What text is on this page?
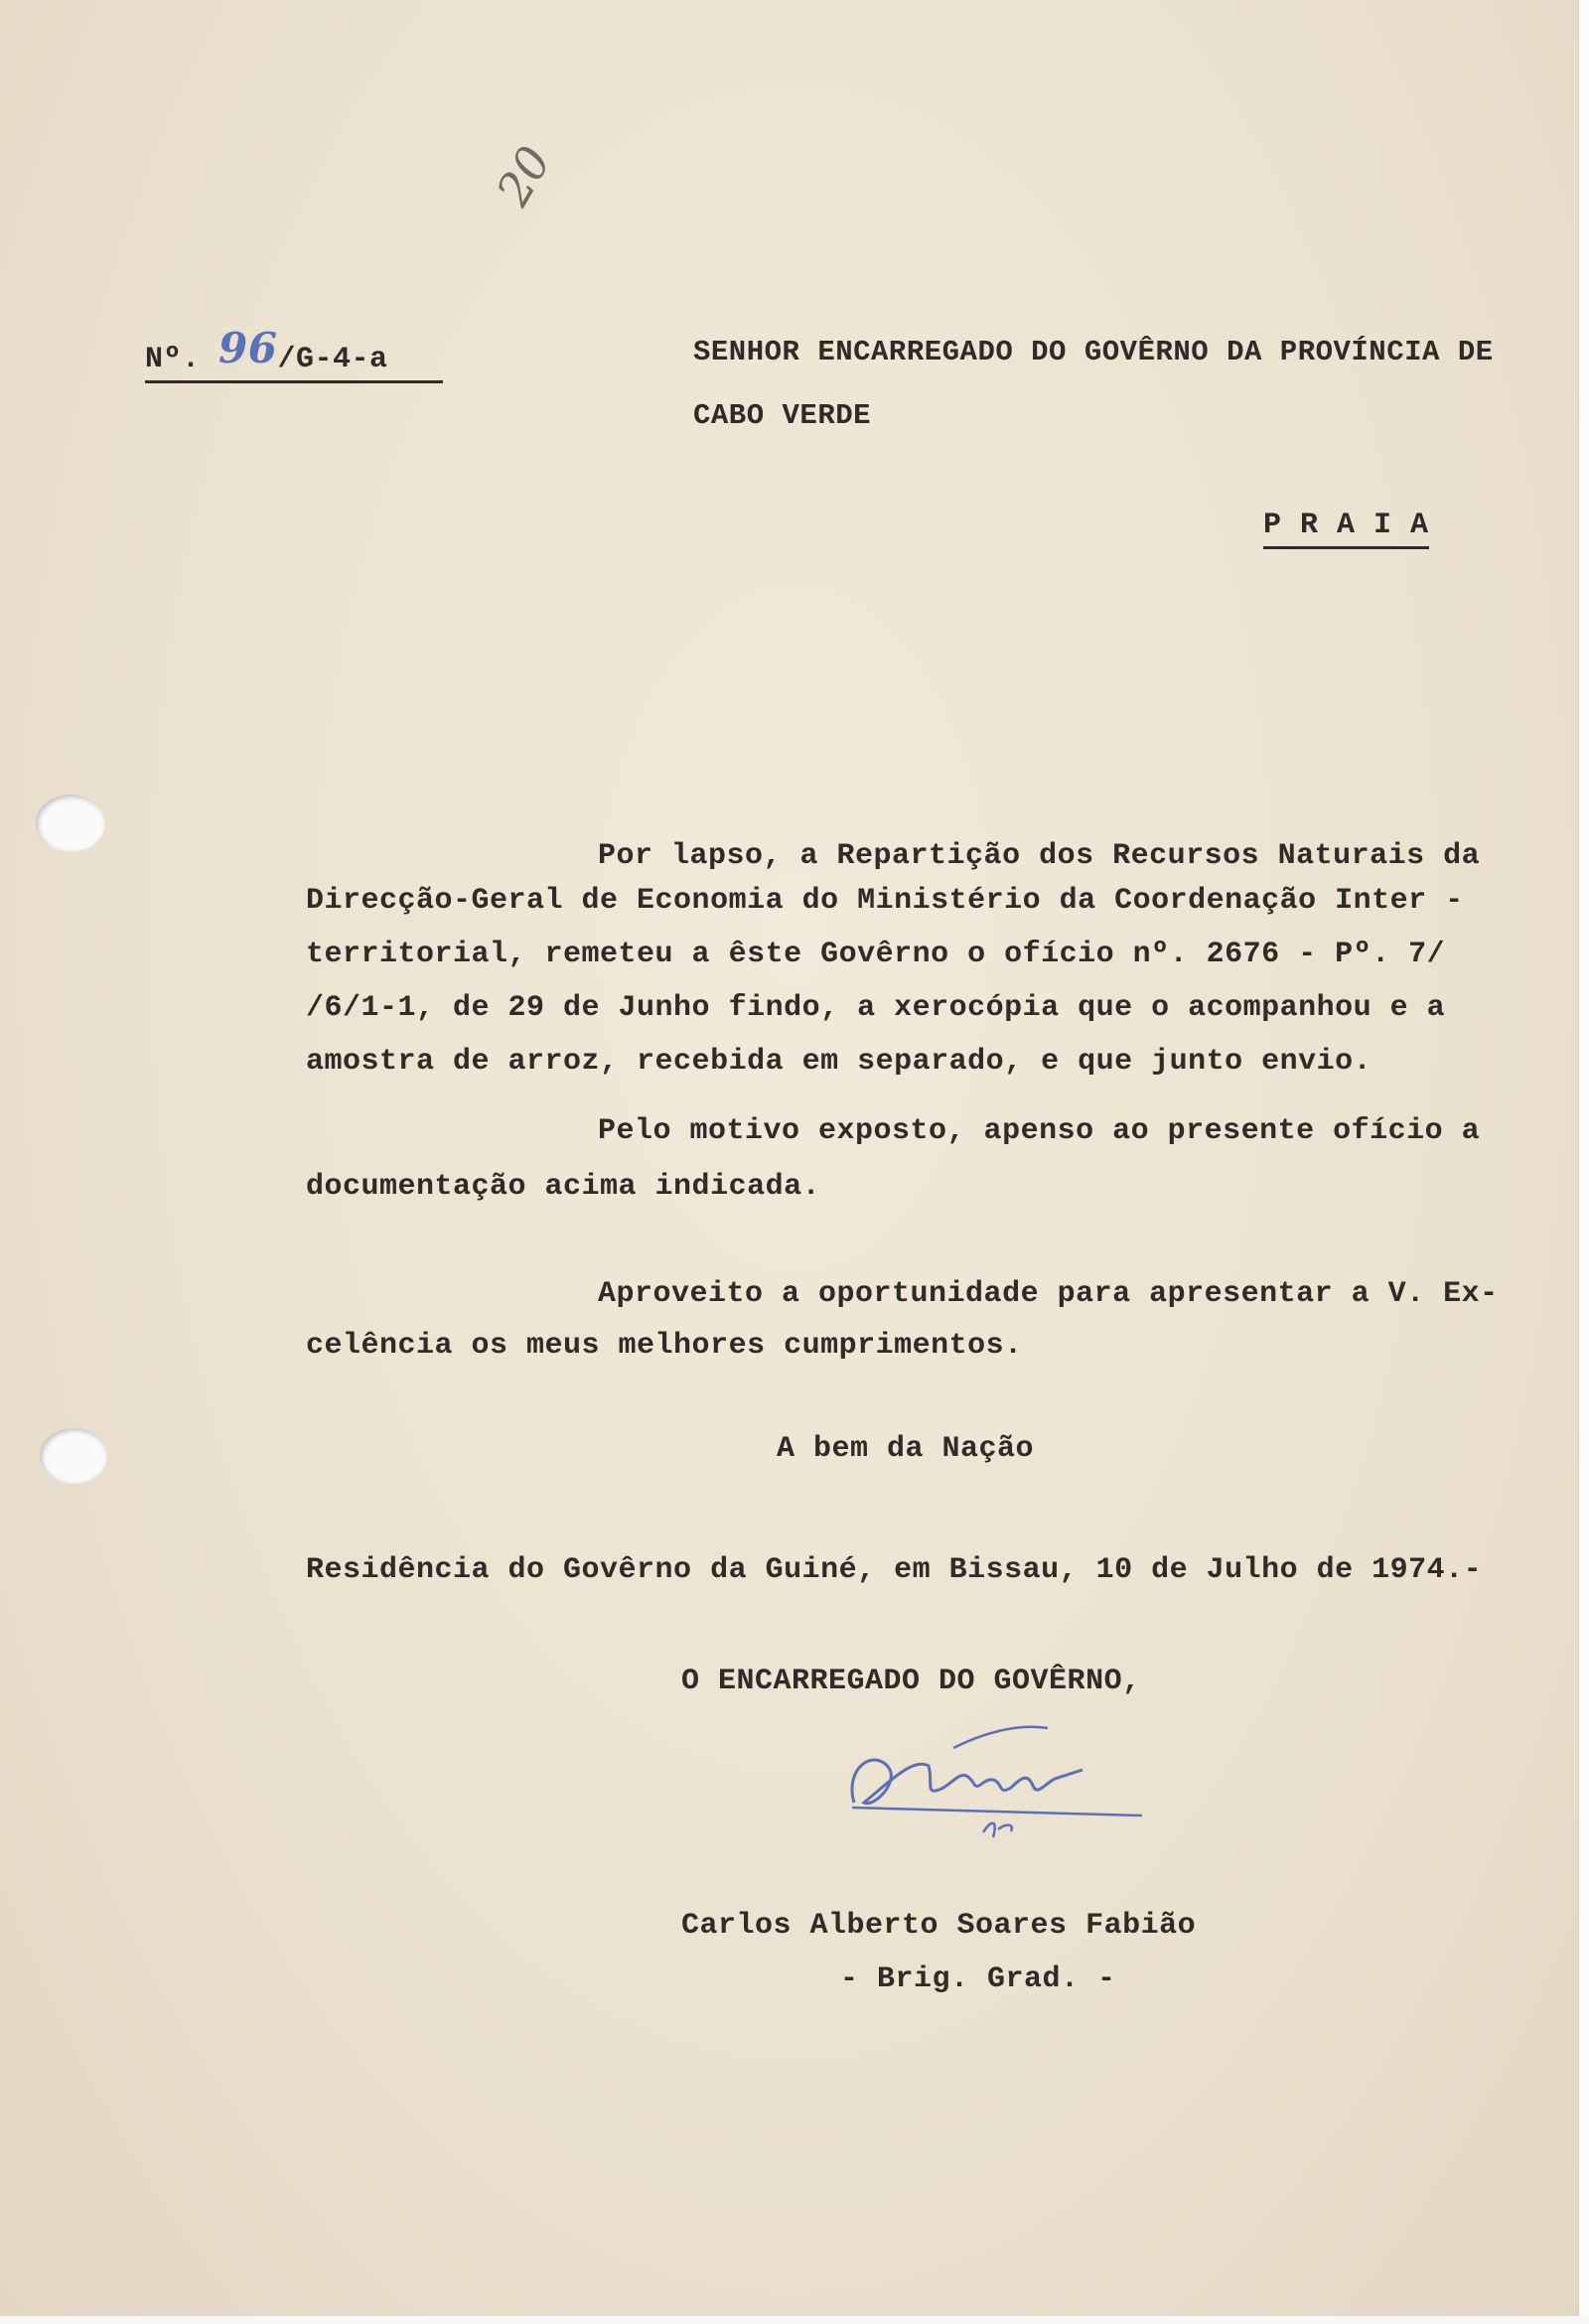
20
Nº. 96/G-4-a	SENHOR ENCARREGADO DO GOVÊRNO DA PROVÍNCIA DE
CABO VERDE
P R A I A
Por lapso, a Repartição dos Recursos Naturais da
Direcção-Geral de Economia do Ministério da Coordenação Inter -
territorial, remeteu a êste Govêrno o ofício nº. 2676 - Pº. 7/
/6/1-1, de 29 de Junho findo, a xerocópia que o acompanhou e a
amostra de arroz, recebida em separado, e que junto envio.
Pelo motivo exposto, apenso ao presente ofício a
documentação acima indicada.
Aproveito a oportunidade para apresentar a V. Ex-
celência os meus melhores cumprimentos.
A bem da Nação
Residência do Govêrno da Guiné, em Bissau, 10 de Julho de 1974.-
O ENCARREGADO DO GOVÊRNO,
Carlos Alberto Soares Fabião
- Brig. Grad. -
